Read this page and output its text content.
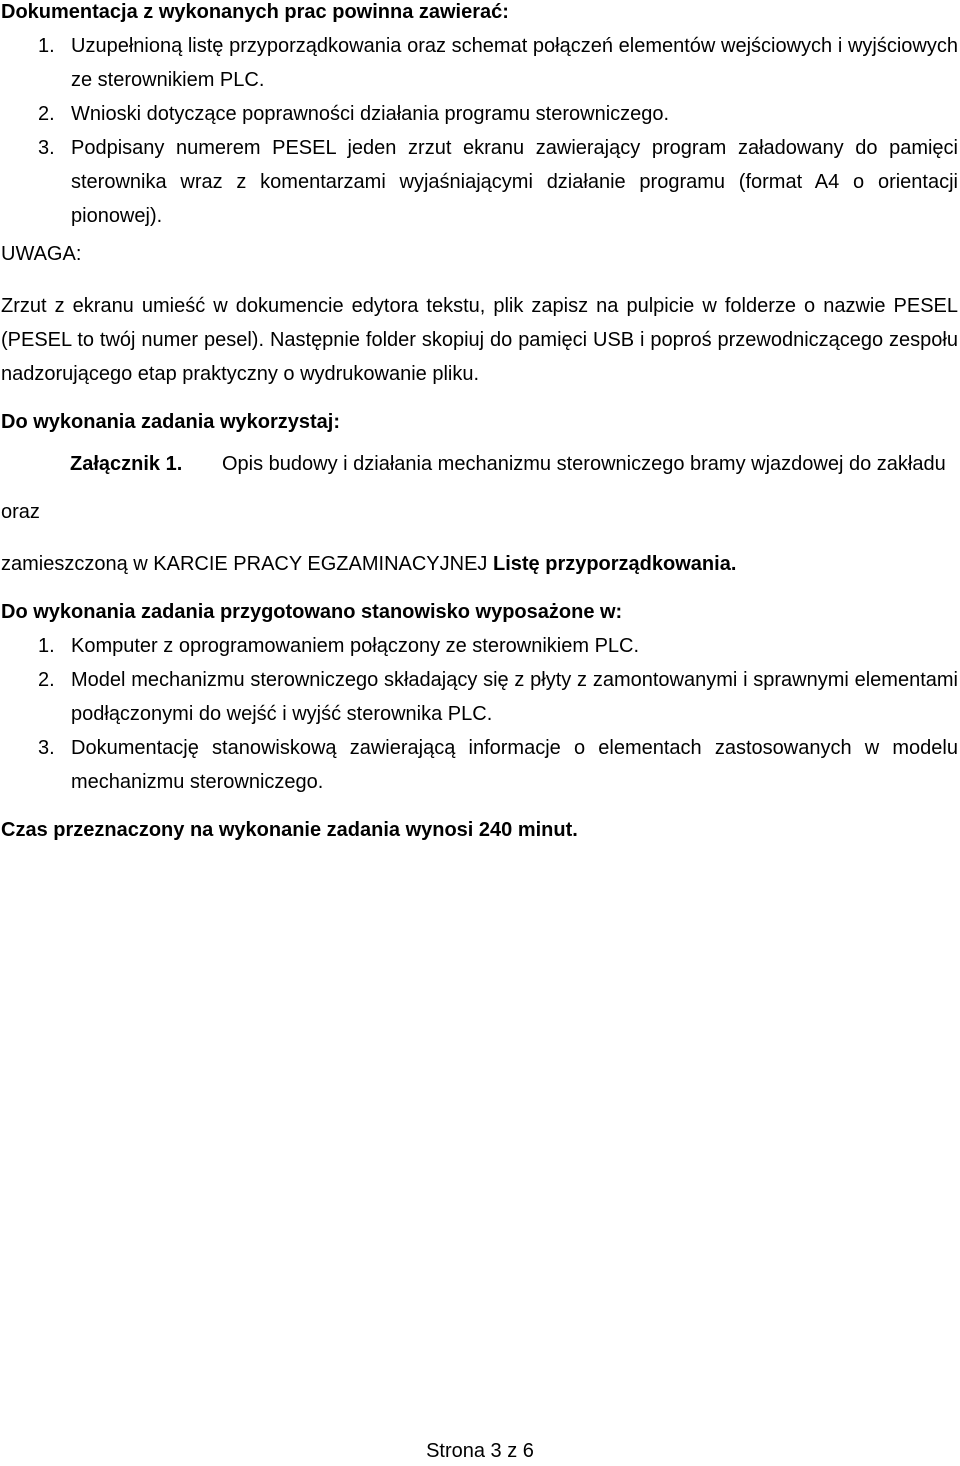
Dokumentacja z wykonanych prac powinna zawierać:
1. Uzupełnioną listę przyporządkowania oraz schemat połączeń elementów wejściowych i wyjściowych ze sterownikiem PLC.
2. Wnioski dotyczące poprawności działania programu sterowniczego.
3. Podpisany numerem PESEL jeden zrzut ekranu zawierający program załadowany do pamięci sterownika wraz z komentarzami wyjaśniającymi działanie programu (format A4 o orientacji pionowej).
UWAGA:
Zrzut z ekranu umieść w dokumencie edytora tekstu, plik zapisz na pulpicie w folderze o nazwie PESEL (PESEL to twój numer pesel). Następnie folder skopiuj do pamięci USB i poproś przewodniczącego zespołu nadzorującego etap praktyczny o wydrukowanie pliku.
Do wykonania zadania wykorzystaj:
Załącznik 1. Opis budowy i działania mechanizmu sterowniczego bramy wjazdowej do zakładu
oraz
zamieszczoną w KARCIE PRACY EGZAMINACYJNEJ Listę przyporządkowania.
Do wykonania zadania przygotowano stanowisko wyposażone w:
1. Komputer z oprogramowaniem połączony ze sterownikiem PLC.
2. Model mechanizmu sterowniczego składający się z płyty z zamontowanymi i sprawnymi elementami podłączonymi do wejść i wyjść sterownika PLC.
3. Dokumentację stanowiskową zawierającą informacje o elementach zastosowanych w modelu mechanizmu sterowniczego.
Czas przeznaczony na wykonanie zadania wynosi 240 minut.
Strona 3 z 6
